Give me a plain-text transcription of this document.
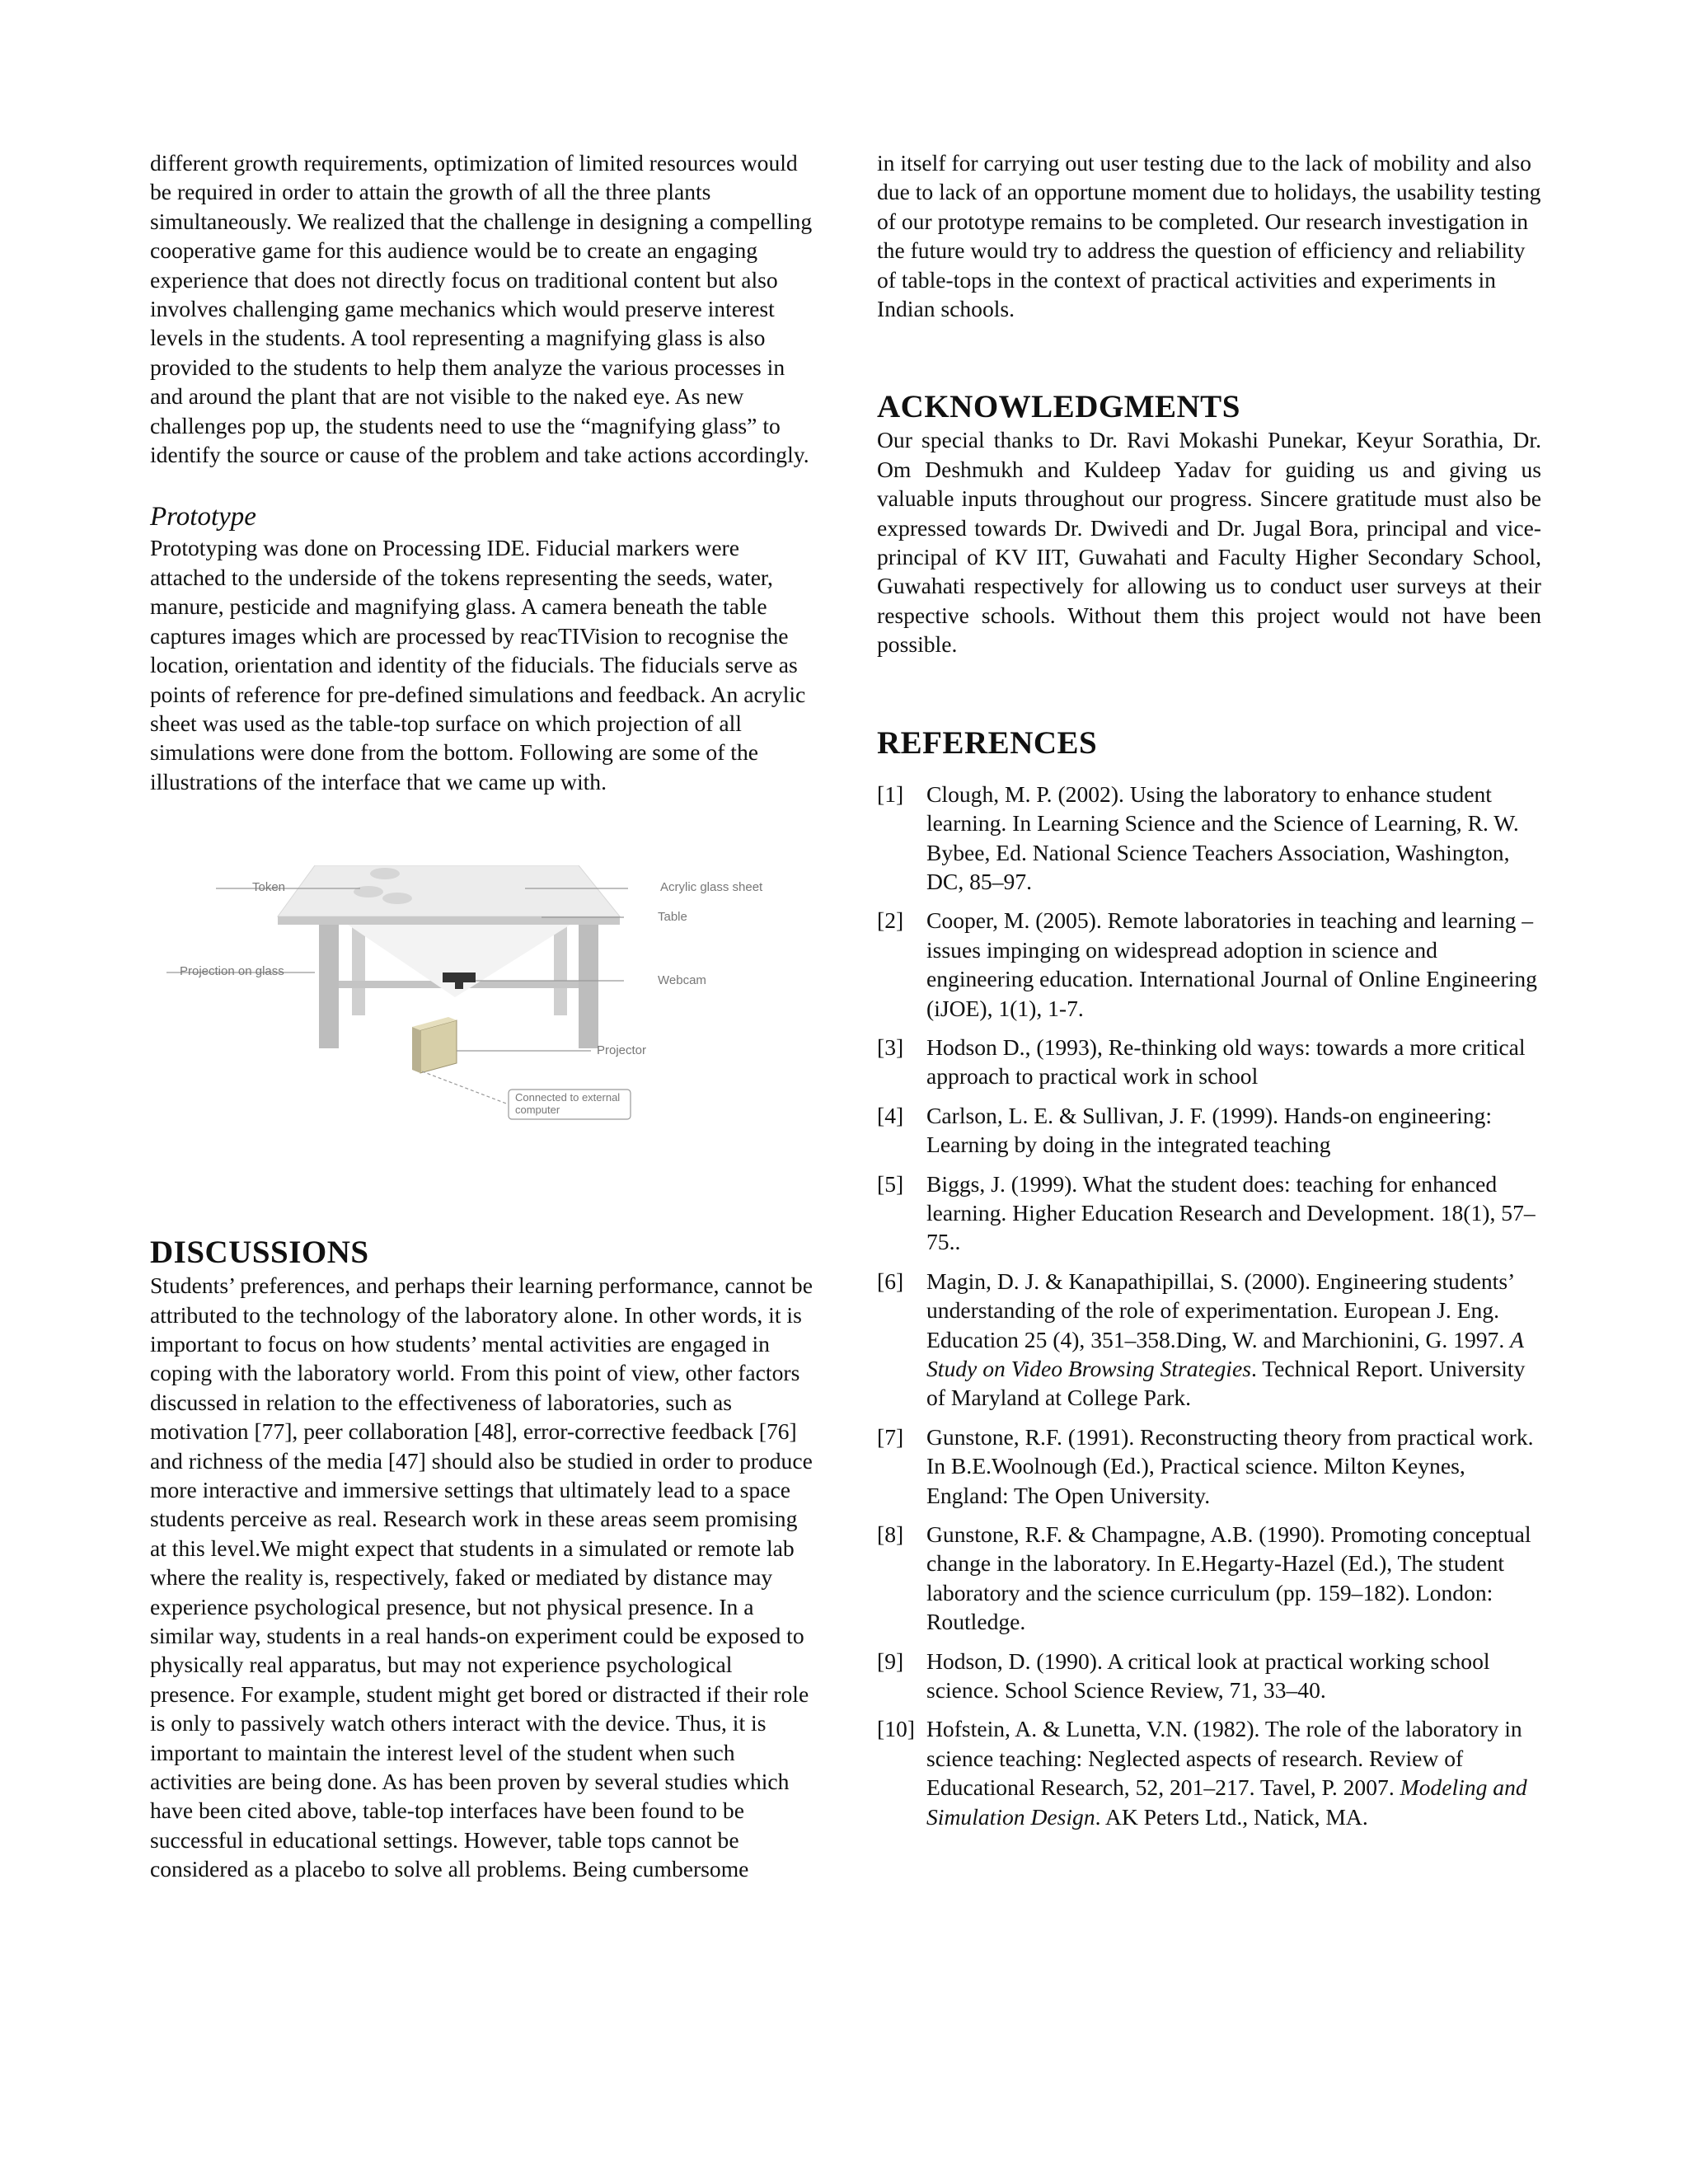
different growth requirements, optimization of limited resources would be required in order to attain the growth of all the three plants simultaneously. We realized that the challenge in designing a compelling cooperative game for this audience would be to create an engaging experience that does not directly focus on traditional content but also involves challenging game mechanics which would preserve interest levels in the students. A tool representing a magnifying glass is also provided to the students to help them analyze the various processes in and around the plant that are not visible to the naked eye. As new challenges pop up, the students need to use the “magnifying glass” to identify the source or cause of the problem and take actions accordingly.

Prototype

Prototyping was done on Processing IDE. Fiducial markers were attached to the underside of the tokens representing the seeds, water, manure, pesticide and magnifying glass. A camera beneath the table captures images which are processed by reacTIVision to recognise the location, orientation and identity of the fiducials. The fiducials serve as points of reference for pre-defined simulations and feedback. An acrylic sheet was used as the table-top surface on which projection of all simulations were done from the bottom. Following are some of the illustrations of the interface that we came up with.

Token	Acrylic glass sheet
Table
Projection on glass
Webcam
Projector
Connected to external
computer
DISCUSSIONS

Students’ preferences, and perhaps their learning performance, cannot be attributed to the technology of the laboratory alone. In other words, it is important to focus on how students’ mental activities are engaged in coping with the laboratory world. From this point of view, other factors discussed in relation to the effectiveness of laboratories, such as motivation [77], peer collaboration [48], error-corrective feedback [76] and richness of the media [47] should also be studied in order to produce more interactive and immersive settings that ultimately lead to a space students perceive as real. Research work in these areas seem promising at this level.We might expect that students in a simulated or remote lab where the reality is, respectively, faked or mediated by distance may experience psychological presence, but not physical presence. In a similar way, students in a real hands-on experiment could be exposed to physically real apparatus, but may not experience psychological presence. For example, student might get bored or distracted if their role is only to passively watch others interact with the device. Thus, it is important to maintain the interest level of the student when such activities are being done. As has been proven by several studies which have been cited above, table-top interfaces have been found to be successful in educational settings. However, table tops cannot be considered as a placebo to solve all problems. Being cumbersome

in itself for carrying out user testing due to the lack of mobility and also due to lack of an opportune moment due to holidays, the usability testing of our prototype remains to be completed. Our research investigation in the future would try to address the question of efficiency and reliability of table-tops in the context of practical activities and experiments in Indian schools.

ACKNOWLEDGMENTS

Our special thanks to Dr. Ravi Mokashi Punekar, Keyur Sorathia, Dr. Om Deshmukh and Kuldeep Yadav for guiding us and giving us valuable inputs throughout our progress. Sincere gratitude must also be expressed towards Dr. Dwivedi and Dr. Jugal Bora, principal and vice-principal of KV IIT, Guwahati and Faculty Higher Secondary School, Guwahati respectively for allowing us to conduct user surveys at their respective schools. Without them this project would not have been possible.

REFERENCES
[1]	Clough, M. P. (2002). Using the laboratory to enhance student learning. In Learning Science and the Science of Learning, R. W. Bybee, Ed. National Science Teachers Association, Washington, DC, 85–97.
[2]	Cooper, M. (2005). Remote laboratories in teaching and learning – issues impinging on widespread adoption in science and engineering education. International Journal of Online Engineering (iJOE), 1(1), 1-7.
[3]	Hodson D., (1993), Re-thinking old ways: towards a more critical approach to practical work in school
[4]	Carlson, L. E. & Sullivan, J. F. (1999). Hands-on engineering: Learning by doing in the integrated teaching
[5]	Biggs, J. (1999). What the student does: teaching for enhanced learning. Higher Education Research and Development. 18(1), 57–75..
[6]	Magin, D. J. & Kanapathipillai, S. (2000). Engineering students’ understanding of the role of experimentation. European J. Eng. Education 25 (4), 351–358.Ding, W. and Marchionini, G. 1997. A Study on Video Browsing Strategies. Technical Report. University of Maryland at College Park.
[7]	Gunstone, R.F. (1991). Reconstructing theory from practical work. In B.E.Woolnough (Ed.), Practical science. Milton Keynes, England: The Open University.
[8]	Gunstone, R.F. & Champagne, A.B. (1990). Promoting conceptual change in the laboratory. In E.Hegarty-Hazel (Ed.), The student laboratory and the science curriculum (pp. 159–182). London: Routledge.
[9]	Hodson, D. (1990). A critical look at practical working school science. School Science Review, 71, 33–40.
[10] Hofstein, A. & Lunetta, V.N. (1982). The role of the laboratory in science teaching: Neglected aspects of research. Review of Educational Research, 52, 201–217. Tavel, P. 2007. Modeling and Simulation Design. AK Peters Ltd., Natick, MA.
